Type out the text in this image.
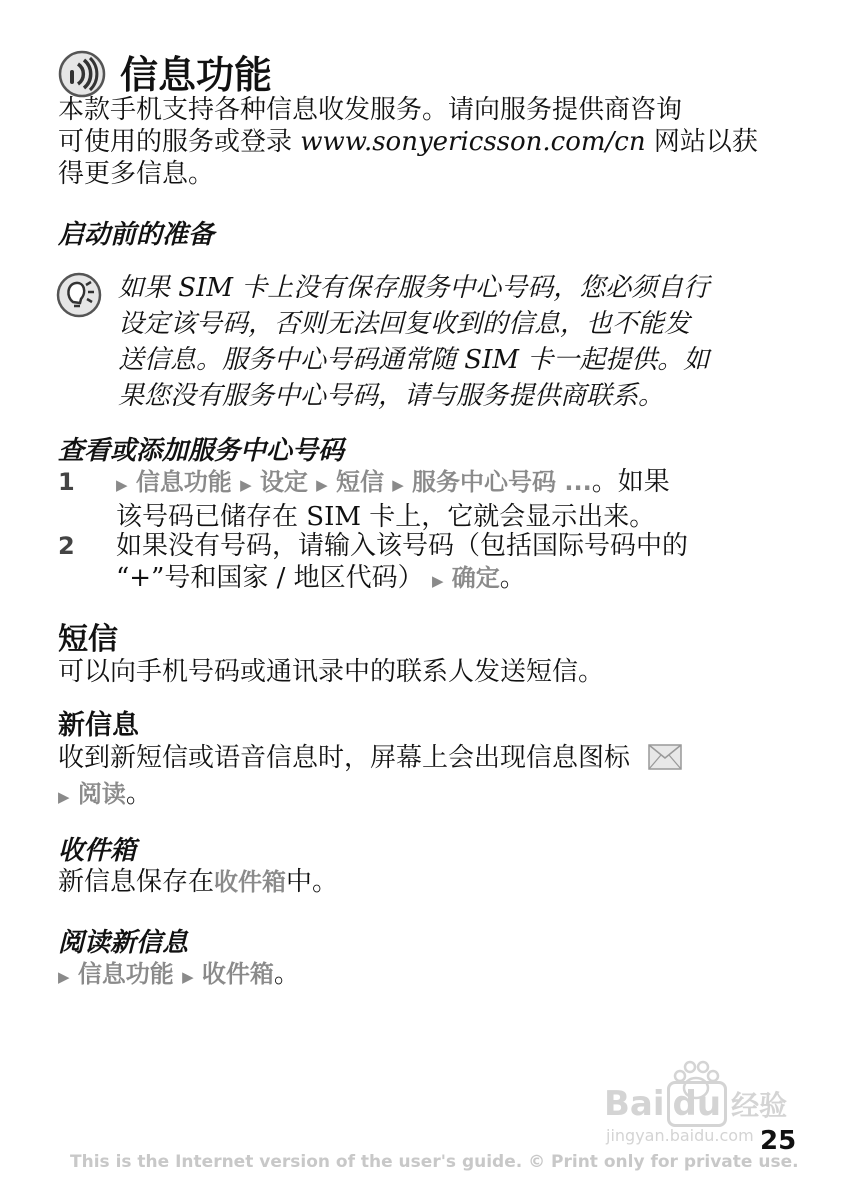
信息功能

本款手机支持各种信息收发服务。请向服务提供商咨询
可使用的服务或登录 www.sonyericsson.com/cn 网站以获
得更多信息。

启动前的准备

如果 SIM 卡上没有保存服务中心号码，您必须自行
设定该号码，否则无法回复收到的信息，也不能发
送信息。服务中心号码通常随 SIM 卡一起提供。如
果您没有服务中心号码，请与服务提供商联系。

查看或添加服务中心号码
1	▶ 信息功能 ▶ 设定 ▶ 短信 ▶ 服务中心号码 ...。如果
该号码已储存在 SIM 卡上，它就会显示出来。

2 如果没有号码，请输入该号码（包括国际号码中的
“+”号和国家 / 地区代码） ▶ 确定。

短信

可以向手机号码或通讯录中的联系人发送短信。

新信息

收到新短信或语音信息时，屏幕上会出现信息图标
▶ 阅读。

收件箱

新信息保存在收件箱中。

阅读新信息

▶ 信息功能 ▶ 收件箱。

Bai du 经验
jingyan.baidu.com 25
This is the Internet version of the user's guide. © Print only for private use.
